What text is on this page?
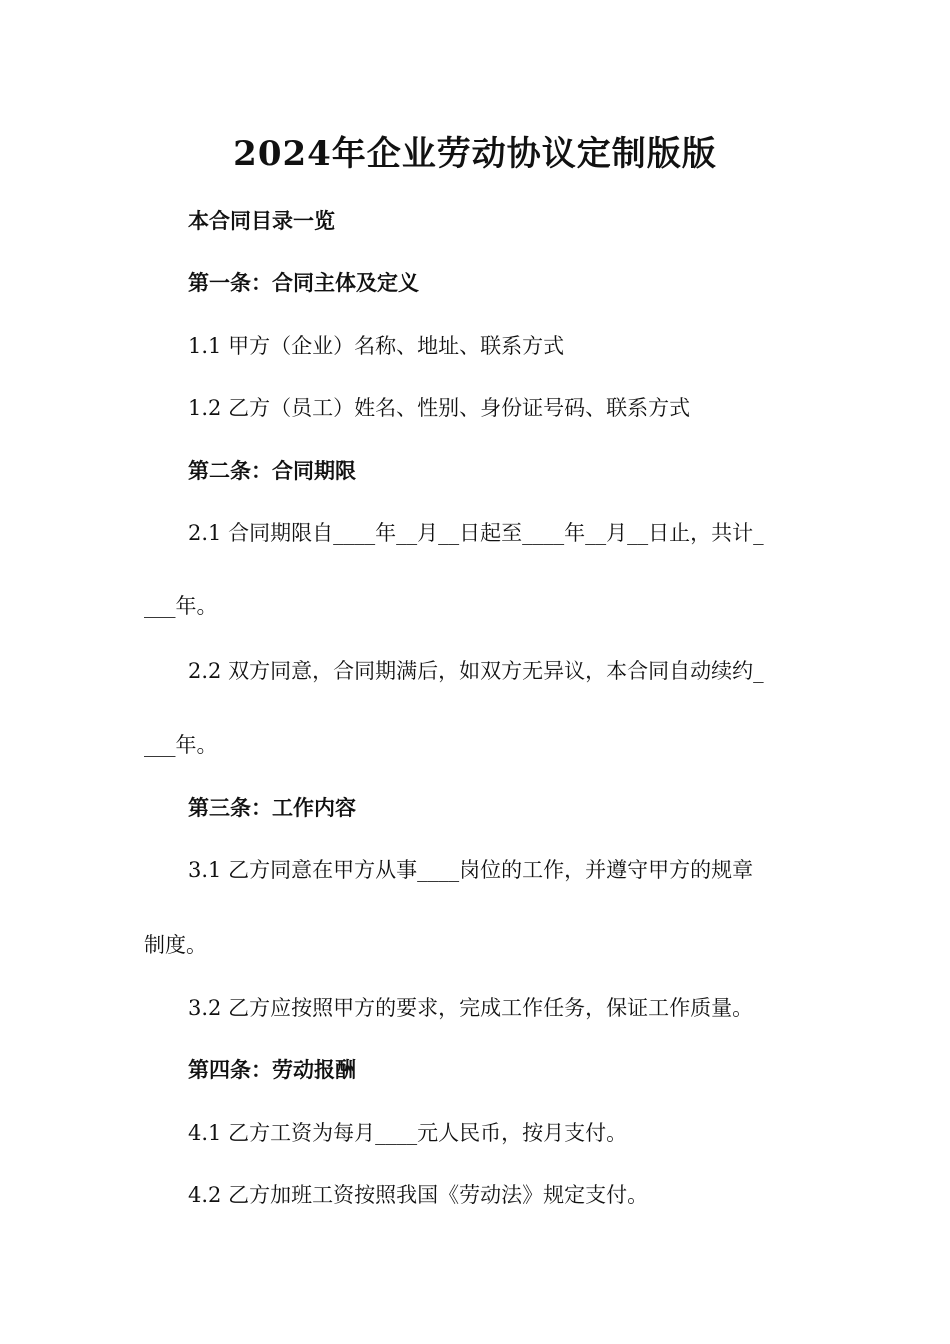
2024年企业劳动协议定制版版
本合同目录一览
第一条：合同主体及定义
1.1 甲方（企业）名称、地址、联系方式
1.2 乙方（员工）姓名、性别、身份证号码、联系方式
第二条：合同期限
2.1 合同期限自____年__月__日起至____年__月__日止，共计_
___年。
2.2 双方同意，合同期满后，如双方无异议，本合同自动续约_
___年。
第三条：工作内容
3.1 乙方同意在甲方从事____岗位的工作，并遵守甲方的规章
制度。
3.2 乙方应按照甲方的要求，完成工作任务，保证工作质量。
第四条：劳动报酬
4.1 乙方工资为每月____元人民币，按月支付。
4.2 乙方加班工资按照我国《劳动法》规定支付。
